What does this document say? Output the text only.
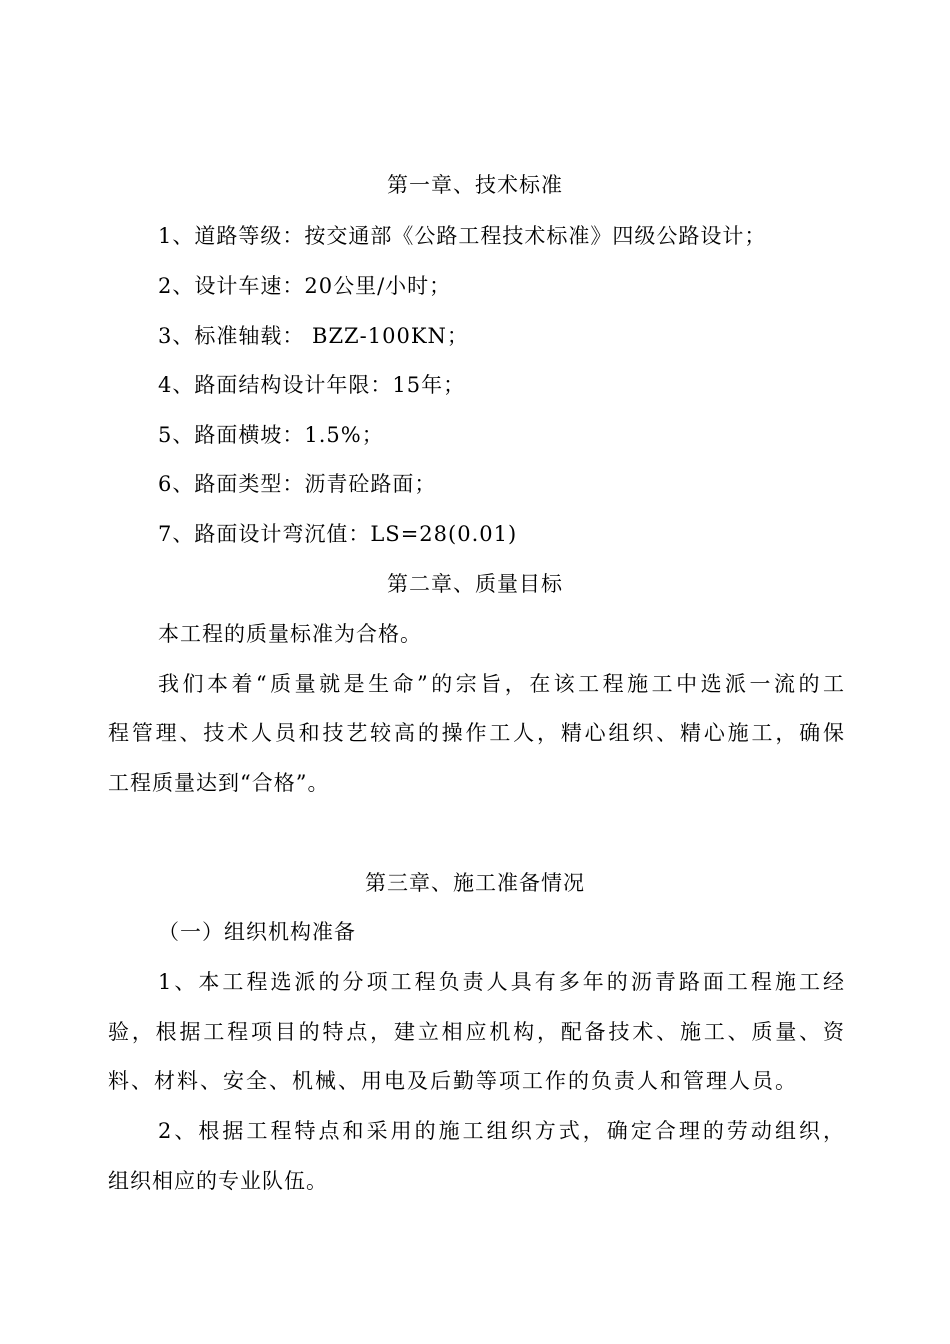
第一章、技术标准
1、道路等级：按交通部《公路工程技术标准》四级公路设计；
2、设计车速：20公里/小时；
3、标准轴载： BZZ-100KN；
4、路面结构设计年限：15年；
5、路面横坡：1.5%；
6、路面类型：沥青砼路面；
7、路面设计弯沉值：LS=28(0.01)
第二章、质量目标
本工程的质量标准为合格。
我们本着“质量就是生命”的宗旨，在该工程施工中选派一流的工
程管理、技术人员和技艺较高的操作工人，精心组织、精心施工，确保
工程质量达到“合格”。
第三章、施工准备情况
（一）组织机构准备
1、本工程选派的分项工程负责人具有多年的沥青路面工程施工经
验，根据工程项目的特点，建立相应机构，配备技术、施工、质量、资
料、材料、安全、机械、用电及后勤等项工作的负责人和管理人员。
2、根据工程特点和采用的施工组织方式，确定合理的劳动组织，
组织相应的专业队伍。
